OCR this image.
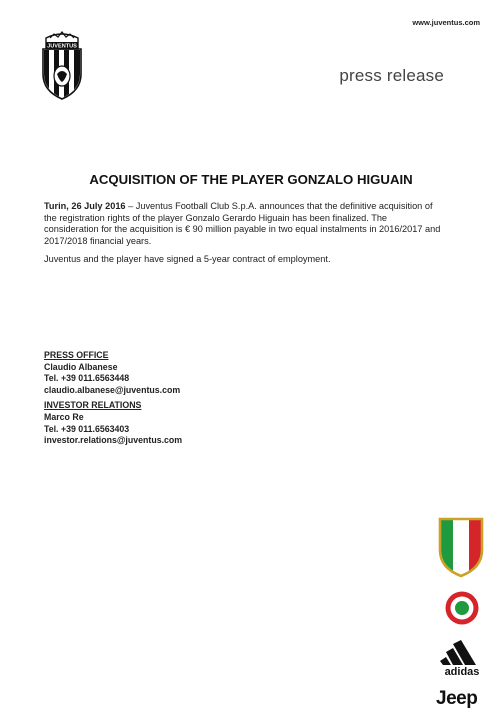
www.juventus.com
JUVENTUS
press release
ACQUISITION OF THE PLAYER GONZALO HIGUAIN

Turin, 26 July 2016 – Juventus Football Club S.p.A. announces that the definitive acquisition of the registration rights of the player Gonzalo Gerardo Higuain has been finalized. The consideration for the acquisition is € 90 million payable in two equal instalments in 2016/2017 and 2017/2018 financial years.

Juventus and the player have signed a 5-year contract of employment.

PRESS OFFICE
Claudio Albanese
Tel. +39 011.6563448
claudio.albanese@juventus.com
INVESTOR RELATIONS
Marco Re
Tel. +39 011.6563403
investor.relations@juventus.com
adidas
Jeep
